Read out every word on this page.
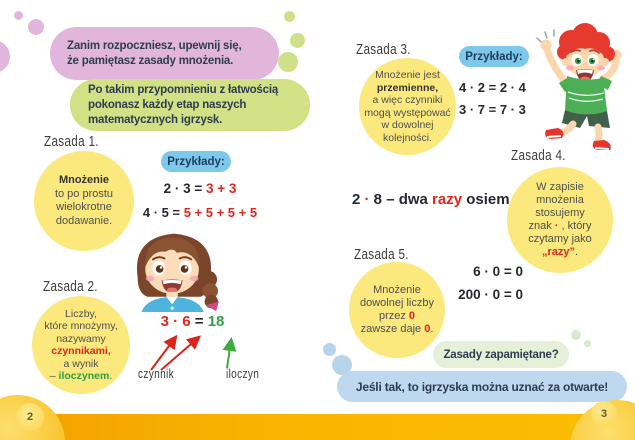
Zanim rozpoczniesz, upewnij się,
że pamiętasz zasady mnożenia.
Po takim przypomnieniu z łatwością
pokonasz każdy etap naszych
matematycznych igrzysk.
Zasada 1.
Mnożenie
to po prostu
wielokrotne
dodawanie.
Przykłady:
2 · 3 = 3 + 3
4 · 5 = 5 + 5 + 5 + 5
Zasada 2.
Liczby,
które mnożymy,
nazywamy
czynnikami,
a wynik
– iloczynem.
3 · 6 = 18
czynnik	iloczyn
Zasada 3.
Mnożenie jest
przemienne,
a więc czynniki
mogą występować
w dowolnej
kolejności.
Przykłady:
4 · 2 = 2 · 4
3 · 7 = 7 · 3
2 · 8 – dwa razy osiem
Zasada 4.
W zapisie
mnożenia
stosujemy
znak · , który
czytamy jako
„razy”.
Zasada 5.
Mnożenie
dowolnej liczby
przez 0
zawsze daje 0.
6 · 0 = 0
200 · 0 = 0
Zasady zapamiętane?
Jeśli tak, to igrzyska można uznać za otwarte!
2	3
